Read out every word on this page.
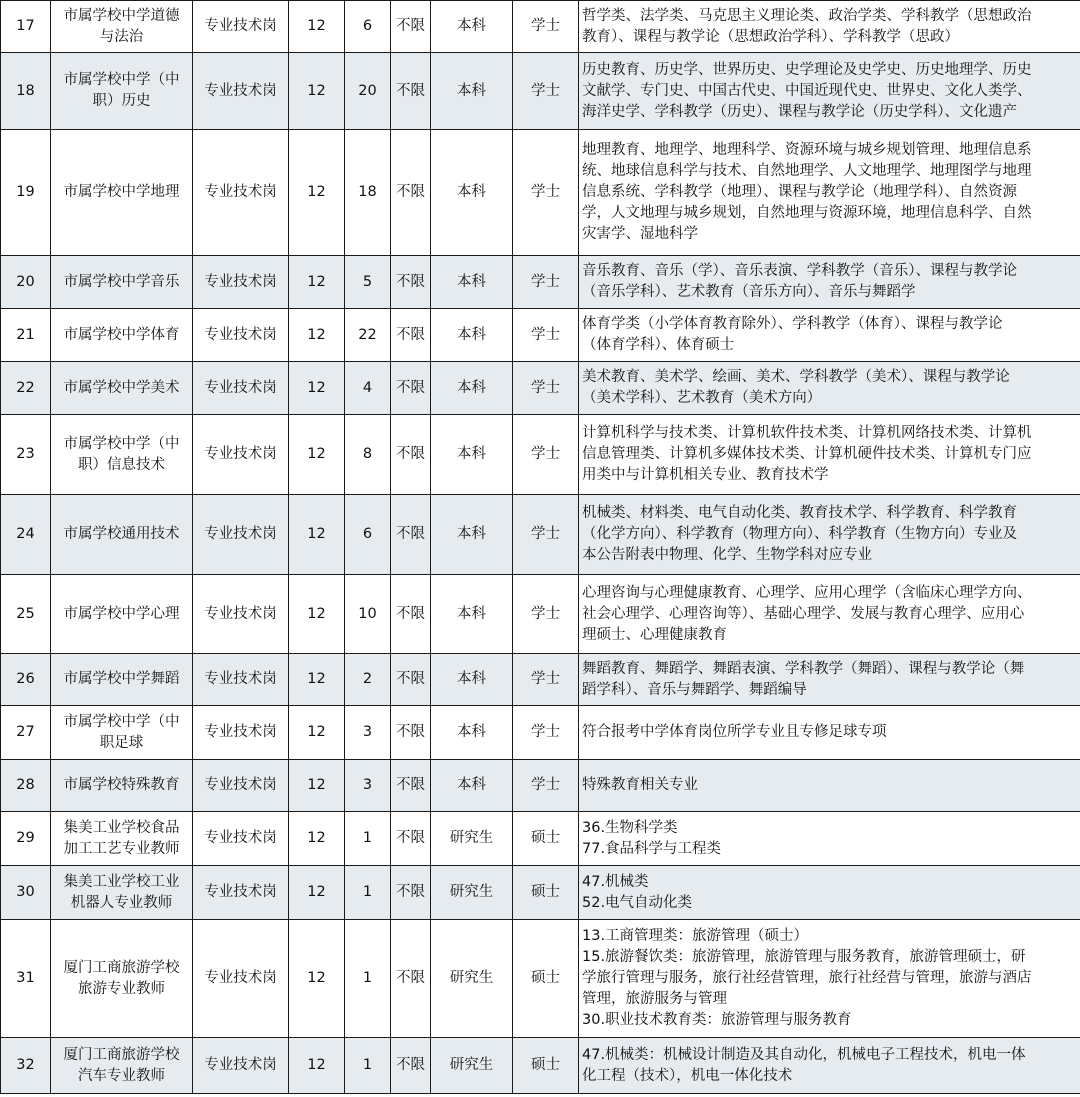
17	市属学校中学道德
与法治	专业技术岗	12	6	不限	本科	学士	哲学类、法学类、马克思主义理论类、政治学类、学科教学（思想政治
教育）、课程与教学论（思想政治学科）、学科教学（思政）

18	市属学校中学（中
职）历史	专业技术岗	12	20	不限	本科	学士	历史教育、历史学、世界历史、史学理论及史学史、历史地理学、历史
文献学、专门史、中国古代史、中国近现代史、世界史、文化人类学、
海洋史学、学科教学（历史）、课程与教学论（历史学科）、文化遗产

19	市属学校中学地理	专业技术岗	12	18	不限	本科	学士	地理教育、地理学、地理科学、资源环境与城乡规划管理、地理信息系
统、地球信息科学与技术、自然地理学、人文地理学、地理图学与地理
信息系统、学科教学（地理）、课程与教学论（地理学科）、自然资源
学，人文地理与城乡规划，自然地理与资源环境，地理信息科学、自然
灾害学、湿地科学

20	市属学校中学音乐	专业技术岗	12	5	不限	本科	学士	音乐教育、音乐（学）、音乐表演、学科教学（音乐）、课程与教学论
（音乐学科）、艺术教育（音乐方向）、音乐与舞蹈学

21	市属学校中学体育	专业技术岗	12	22	不限	本科	学士	体育学类（小学体育教育除外）、学科教学（体育）、课程与教学论
（体育学科）、体育硕士

22	市属学校中学美术	专业技术岗	12	4	不限	本科	学士	美术教育、美术学、绘画、美术、学科教学（美术）、课程与教学论
（美术学科）、艺术教育（美术方向）

23	市属学校中学（中
职）信息技术	专业技术岗	12	8	不限	本科	学士	计算机科学与技术类、计算机软件技术类、计算机网络技术类、计算机
信息管理类、计算机多媒体技术类、计算机硬件技术类、计算机专门应
用类中与计算机相关专业、教育技术学

24	市属学校通用技术	专业技术岗	12	6	不限	本科	学士	机械类、材料类、电气自动化类、教育技术学、科学教育、科学教育
（化学方向）、科学教育（物理方向）、科学教育（生物方向）专业及
本公告附表中物理、化学、生物学科对应专业

25	市属学校中学心理	专业技术岗	12	10	不限	本科	学士	心理咨询与心理健康教育、心理学、应用心理学（含临床心理学方向、
社会心理学、心理咨询等）、基础心理学、发展与教育心理学、应用心
理硕士、心理健康教育

26	市属学校中学舞蹈	专业技术岗	12	2	不限	本科	学士	舞蹈教育、舞蹈学、舞蹈表演、学科教学（舞蹈）、课程与教学论（舞
蹈学科）、音乐与舞蹈学、舞蹈编导

27	市属学校中学（中
职足球	专业技术岗	12	3	不限	本科	学士	符合报考中学体育岗位所学专业且专修足球专项

28	市属学校特殊教育	专业技术岗	12	3	不限	本科	学士	特殊教育相关专业

29	集美工业学校食品
加工工艺专业教师	专业技术岗	12	1	不限	研究生	硕士	36.生物科学类
77.食品科学与工程类

30	集美工业学校工业
机器人专业教师	专业技术岗	12	1	不限	研究生	硕士	47.机械类
52.电气自动化类

31	厦门工商旅游学校
旅游专业教师	专业技术岗	12	1	不限	研究生	硕士	13.工商管理类：旅游管理（硕士）
15.旅游餐饮类：旅游管理，旅游管理与服务教育，旅游管理硕士，研
学旅行管理与服务，旅行社经营管理，旅行社经营与管理，旅游与酒店
管理，旅游服务与管理
30.职业技术教育类：旅游管理与服务教育

32	厦门工商旅游学校
汽车专业教师	专业技术岗	12	1	不限	研究生	硕士	47.机械类：机械设计制造及其自动化，机械电子工程技术，机电一体
化工程（技术），机电一体化技术
